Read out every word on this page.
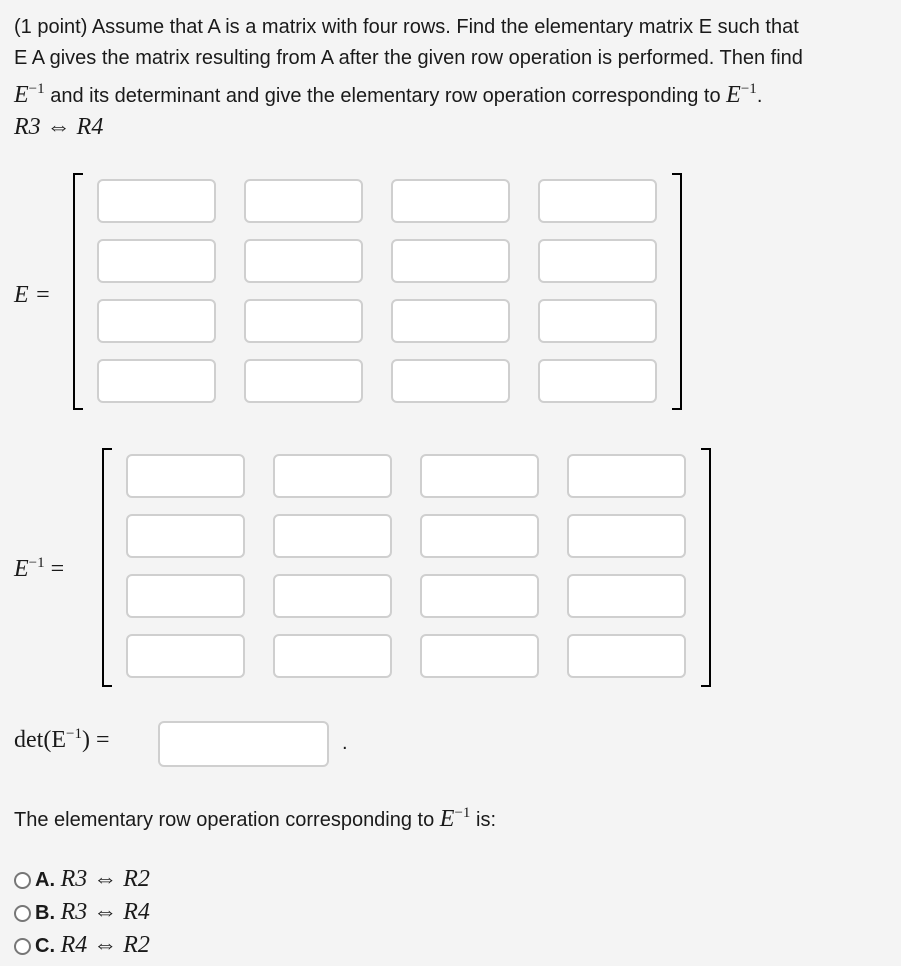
(1 point) Assume that A is a matrix with four rows. Find the elementary matrix E such that
E A gives the matrix resulting from A after the given row operation is performed. Then find
$E^{-1}$ and its determinant and give the elementary row operation corresponding to $E^{-1}$.
R3 ⇔ R4
E =
$E^{-1}$ =
$\det(E^{-1})$ =	.
The elementary row operation corresponding to $E^{-1}$ is:
A. R3 ⇔ R2
B. R3 ⇔ R4
C. R4 ⇔ R2
